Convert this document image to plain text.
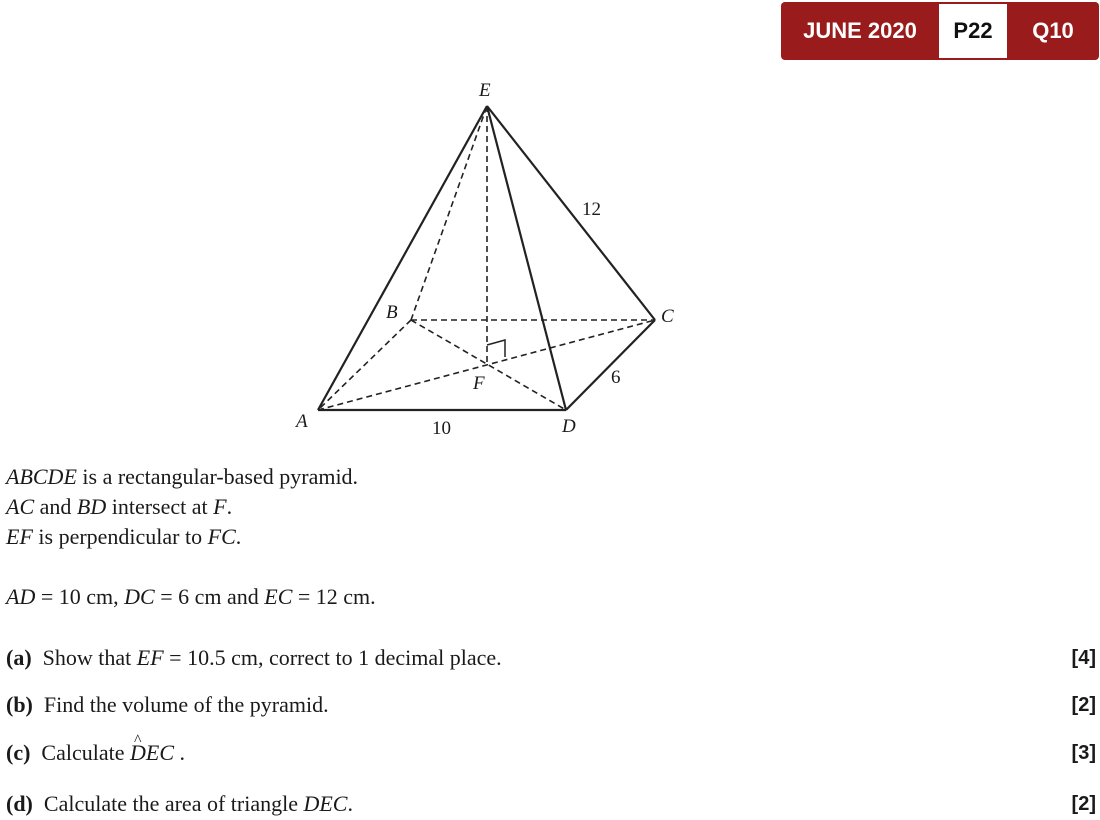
JUNE 2020	P22	Q10
E
B	C
A	D
F
12
6
10
ABCDE is a rectangular-based pyramid.
AC and BD intersect at F.
EF is perpendicular to FC.
AD = 10 cm, DC = 6 cm and EC = 12 cm.
(a) Show that EF = 10.5 cm, correct to 1 decimal place.	[4]
(b) Find the volume of the pyramid.	[2]
(c) Calculate ^ DEC .	[3]
(d) Calculate the area of triangle DEC.	[2]
